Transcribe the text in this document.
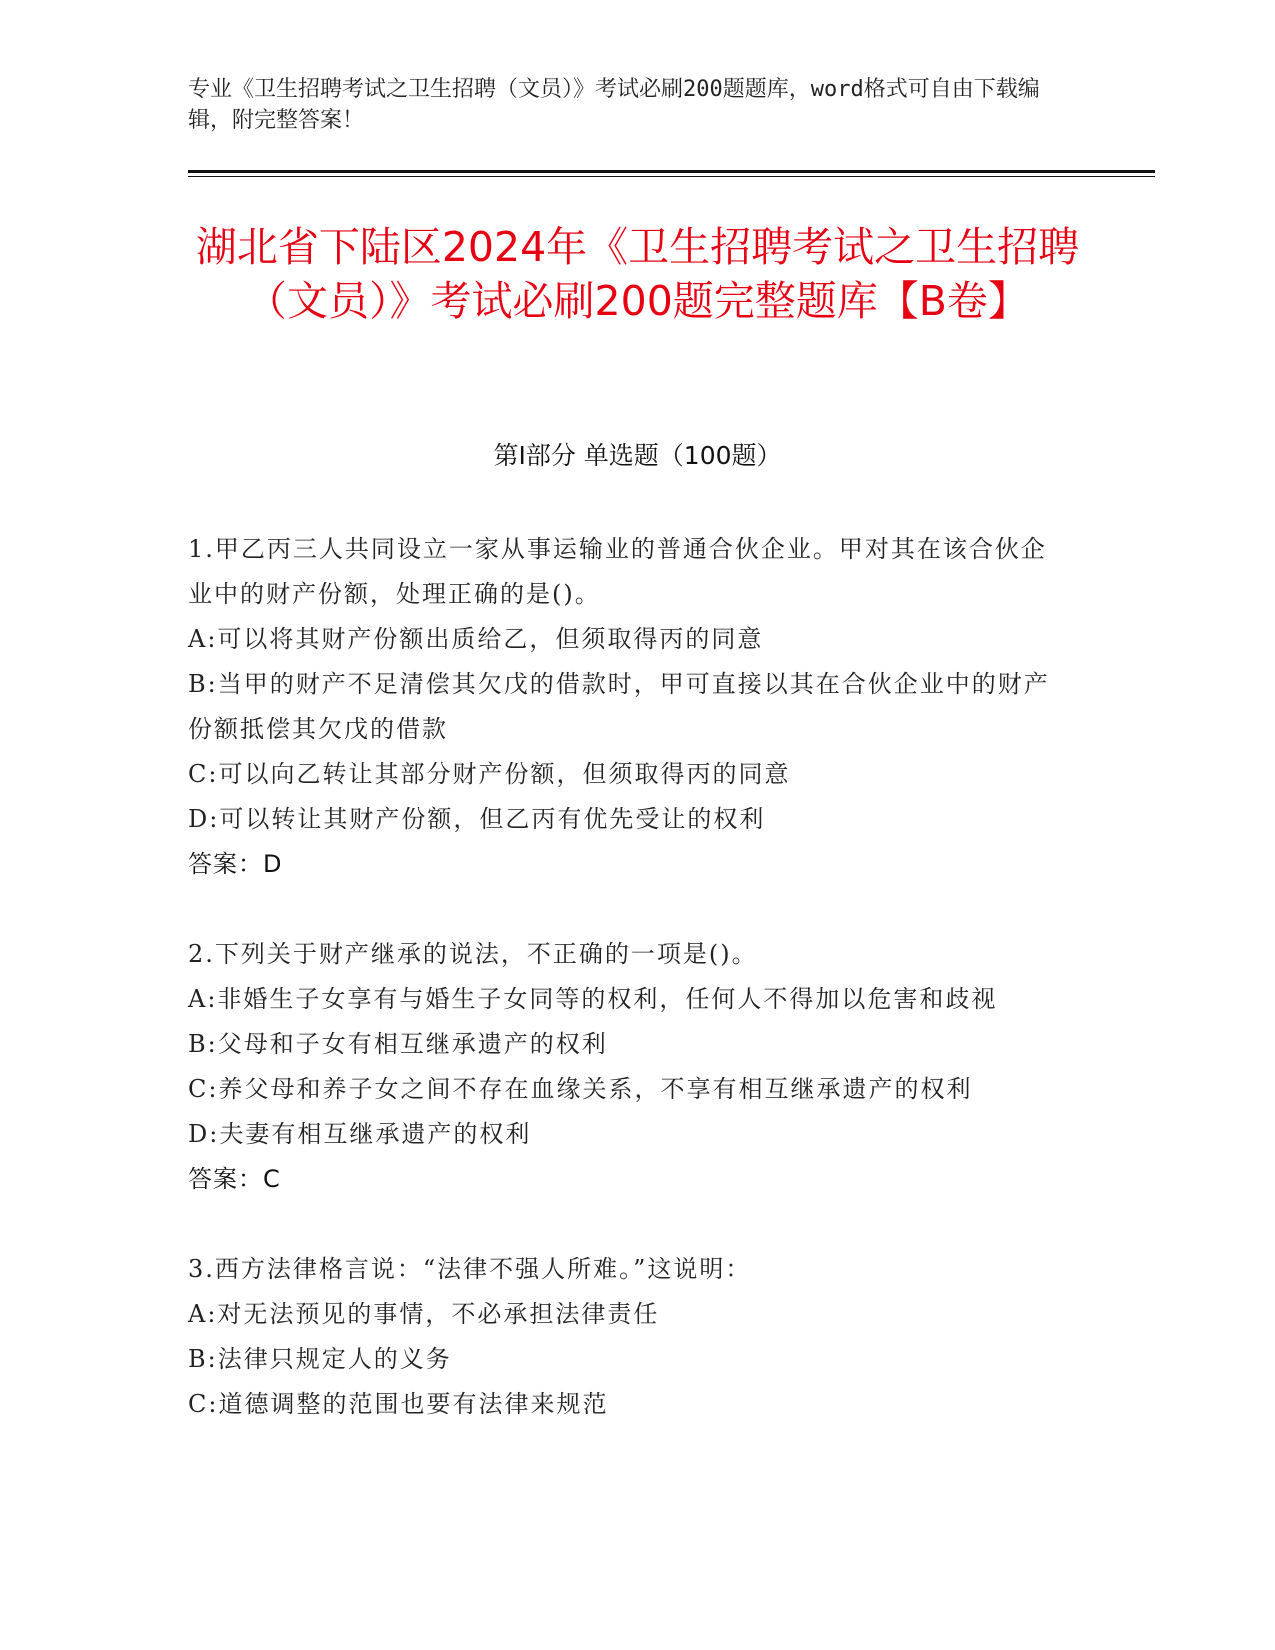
专业《卫生招聘考试之卫生招聘（文员）》考试必刷200题题库，word格式可自由下载编辑，附完整答案！
湖北省下陆区2024年《卫生招聘考试之卫生招聘（文员）》考试必刷200题完整题库【B卷】
第Ⅰ部分 单选题（100题）

1.甲乙丙三人共同设立一家从事运输业的普通合伙企业。甲对其在该合伙企业中的财产份额，处理正确的是()。

A:可以将其财产份额出质给乙，但须取得丙的同意

B:当甲的财产不足清偿其欠戊的借款时，甲可直接以其在合伙企业中的财产份额抵偿其欠戊的借款

C:可以向乙转让其部分财产份额，但须取得丙的同意

D:可以转让其财产份额，但乙丙有优先受让的权利

答案：D

2.下列关于财产继承的说法，不正确的一项是()。

A:非婚生子女享有与婚生子女同等的权利，任何人不得加以危害和歧视

B:父母和子女有相互继承遗产的权利

C:养父母和养子女之间不存在血缘关系，不享有相互继承遗产的权利

D:夫妻有相互继承遗产的权利

答案：C

3.西方法律格言说：“法律不强人所难。”这说明：

A:对无法预见的事情，不必承担法律责任

B:法律只规定人的义务

C:道德调整的范围也要有法律来规范
